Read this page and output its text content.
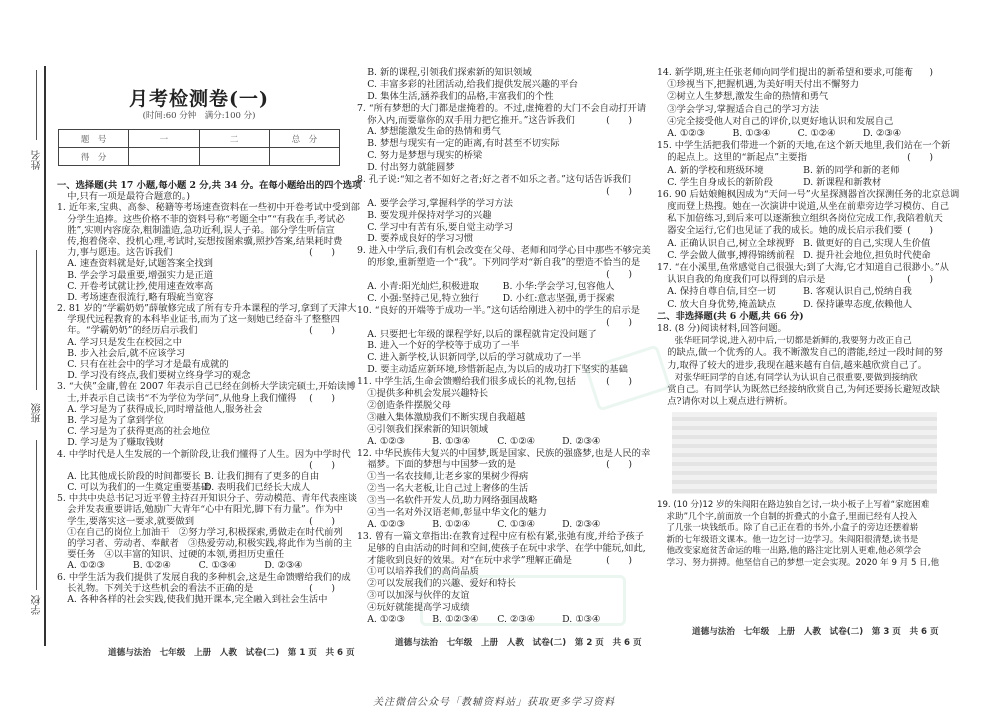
姓名
班级
学校
月考检测卷(一)
(时间:60 分钟　满分:100 分)
题　号	一	二	总　分
得　分			
一、选择题(共 17 小题,每小题 2 分,共 34 分。在每小题给出的四个选项
中,只有一项是最符合题意的。)
1. 近年来,宝典、高参、秘籍等考场速查资料在一些初中开卷考试中受到部
分学生追捧。这些价格不菲的资料号称“考题全中”“有我在手,考试必
胜”,实则内容庞杂,粗制滥造,急功近利,误人子弟。部分学生听信宣
传,抱着侥幸、投机心理,考试时,妄想按图索骥,照抄答案,结果耗时费
力,事与愿违。这告诉我们	(　　)
A. 速查资料就是好,试题答案全找到
B. 学会学习最重要,增强实力是正道
C. 开卷考试就让抄,使用速查效率高
D. 考场速查很流行,略有瑕疵当宽容
2. 81 岁的“学霸奶奶”薛敏修完成了所有专升本课程的学习,拿到了天津大
学现代远程教育的本科毕业证书,而为了这一刻她已经奋斗了整整四
年。“学霸奶奶”的经历启示我们	(　　)
A. 学习只是发生在校园之中
B. 步入社会后,就不应该学习
C. 只有在社会中的学习才是最有成就的
D. 学习没有终点,我们要树立终身学习的观念
3. “大侠”金庸,曾在 2007 年表示自己已经在剑桥大学读完硕士,开始读博
士,并表示自己读书“不为学位为学问”,从他身上我们懂得 (　　)
A. 学习是为了获得成长,同时增益他人,服务社会
B. 学习是为了拿到学位
C. 学习是为了获得更高的社会地位
D. 学习是为了赚取钱财
4. 中学时代是人生发展的一个新阶段,让我们懂得了人生。因为中学时代
(　　)
A. 比其他成长阶段的时间都要长 B. 让我们拥有了更多的自由
C. 可以为我们的一生奠定重要基础D. 表明我们已经长大成人
5. 中共中央总书记习近平曾主持召开知识分子、劳动模范、青年代表座谈
会并发表重要讲话,勉励广大青年“心中有阳光,脚下有力量”。作为中
学生,要落实这一要求,就要做到	(　　)
①在自己的岗位上加油干　②努力学习,积极探索,勇做走在时代前列
的学习者、劳动者、奉献者　③热爱劳动,积极实践,将此作为当前的主
要任务　④以丰富的知识、过硬的本领,勇担历史重任
A. ①②③	B. ①②④	C. ①③④	D. ②③④
6. 中学生活为我们提供了发展自我的多种机会,这是生命馈赠给我们的成
长礼物。下列关于这些机会的看法不正确的是	(　　)
A. 各种各样的社会实践,使我们抛开课本,完全融入到社会生活中
B. 新的课程,引领我们探索新的知识领域
C. 丰富多彩的社团活动,给我们提供发展兴趣的平台
D. 集体生活,涵养我们的品格,丰富我们的个性
7. “所有梦想的大门都是虚掩着的。不过,虚掩着的大门不会自动打开请
你入内,而要靠你的双手用力把它推开。”这告诉我们	(　　)
A. 梦想能激发生命的热情和勇气
B. 梦想与现实有一定的距离,有时甚至不切实际
C. 努力是梦想与现实的桥梁
D. 付出努力就能圆梦
8. 孔子说:“知之者不如好之者;好之者不如乐之者。”这句话告诉我们
(　　)
A. 要学会学习,掌握科学的学习方法
B. 要发现并保持对学习的兴趣
C. 学习中有苦有乐,要自觉主动学习
D. 要养成良好的学习习惯
9. 进入中学后,我们有机会改变在父母、老师和同学心目中那些不够完美
的形象,重新塑造一个“我”。下列同学对“新自我”的塑造不恰当的是
(　　)
A. 小青:阳光灿烂,积极进取	B. 小华:学会学习,包容他人
C. 小强:坚持己见,特立独行	D. 小红:意志坚强,勇于探索
10. “良好的开端等于成功一半。”这句话给刚进入初中的学生的启示是
(　　)
A. 只要把七年级的课程学好,以后的课程就肯定没问题了
B. 进入一个好的学校等于成功了一半
C. 进入新学校,认识新同学,以后的学习就成功了一半
D. 要主动适应新环境,珍惜新起点,为以后的成功打下坚实的基础
11. 中学生活,生命会馈赠给我们很多成长的礼物,包括	(　　)
①提供多种机会发展兴趣特长
②创造条件摆脱父母
③融入集体激励我们不断实现自我超越
④引领我们探索新的知识领域
A. ①②③	B. ①③④	C. ①②④	D. ②③④
12. 中华民族伟大复兴的中国梦,既是国家、民族的强盛梦,也是人民的幸
福梦。下面的梦想与中国梦一致的是	(　　)
①当一名农技师,让老乡家的果树少得病
②当一名大老板,让自己过上奢侈的生活
③当一名软件开发人员,助力网络强国战略
④当一名对外汉语老师,彰显中华文化的魅力
A. ①②③	B. ①②④	C. ①③④	D. ②③④
13. 曾有一篇文章指出:在教育过程中应有松有紧,张弛有度,并给予孩子
足够的自由活动的时间和空间,使孩子在玩中求学、在学中能玩,如此,
才能收到良好的效果。对“在玩中求学”理解正确是	(　　)
①可以培养我们的高尚品质
②可以发展我们的兴趣、爱好和特长
③可以加深与伙伴的友谊
④玩好就能提高学习成绩
A. ①②③	B. ①②③④ C. ②③④	D. ①③④
14. 新学期,班主任张老师向同学们提出的新希望和要求,可能有
(　　)
①珍视当下,把握机遇,为美好明天付出不懈努力
②树立人生梦想,激发生命的热情和勇气
③学会学习,掌握适合自己的学习方法
④完全接受他人对自己的评价,以更好地认识和发展自己
A. ①②③	B. ①③④	C. ①②④	D. ②③④
15. 中学生活把我们带进一个新的天地,在这个新天地里,我们站在一个新
的起点上。这里的“新起点”主要指	(　　)
A. 新的学校和班级环境	B. 新的同学和新的老师
C. 学生自身成长的新阶段	D. 新课程和新教材
16. 90 后姑娘鲍枫因成为“天问一号”火星探测器首次探测任务的北京总调
度而登上热搜。她在一次演讲中说道,从坐在前辈旁边学习模仿、自己
私下加倍练习,到后来可以逐渐独立组织各岗位完成工作,我陪着航天
器安全运行,它们也见证了我的成长。她的成长启示我们要 (　　)
A. 正确认识自己,树立全球视野 B. 做更好的自己,实现人生价值
C. 学会做人做事,搏得锦绣前程 D. 提升社会地位,担负时代使命
17. “在小溪里,鱼常感觉自己很强大;到了大海,它才知道自己很渺小。”从
认识自我的角度我们可以得到的启示是	(　　)
A. 保持自尊自信,目空一切	B. 客观认识自己,悦纳自我
C. 放大自身优势,掩盖缺点	D. 保持谦卑态度,依赖他人
二、非选择题(共 6 小题,共 66 分)
18. (8 分)阅读材料,回答问题。
张华旺同学说,进入初中后,一切都是新鲜的,我要努力改正自己
的缺点,做一个优秀的人。我不断激发自己的潜能,经过一段时间的努
力,取得了较大的进步,我现在越来越有自信,越来越欣赏自己了。
对张华旺同学的自述,有同学认为认识自己很重要,要做到接纳欣
赏自己。有同学认为既然已经接纳欣赏自己,为何还要扬长避短改缺
点?请你对以上观点进行辨析。
19. (10 分)12 岁的朱闯阳在路边独自乞讨,一块小板子上写着“家庭困难
求助”几个字,前面放一个自制的折叠式的小盒子,里面已经有人投入
了几张一块钱纸币。除了自己正在看的书外,小盒子的旁边还摆着崭
新的七年级语文课本。他一边乞讨一边学习。朱闯阳很清楚,读书是
他改变家庭贫苦命运的唯一出路,他的路注定比别人更难,他必须学会
学习、努力拼搏。他坚信自己的梦想一定会实现。2020 年 9 月 5 日,他
道德与法治　七年级　上册　人教　试卷(二)　第 1 页　共 6 页
道德与法治　七年级　上册　人教　试卷(二)　第 2 页　共 6 页
道德与法治　七年级　上册　人教　试卷(二)　第 3 页　共 6 页
关注微信公众号「教辅资料站」获取更多学习资料
